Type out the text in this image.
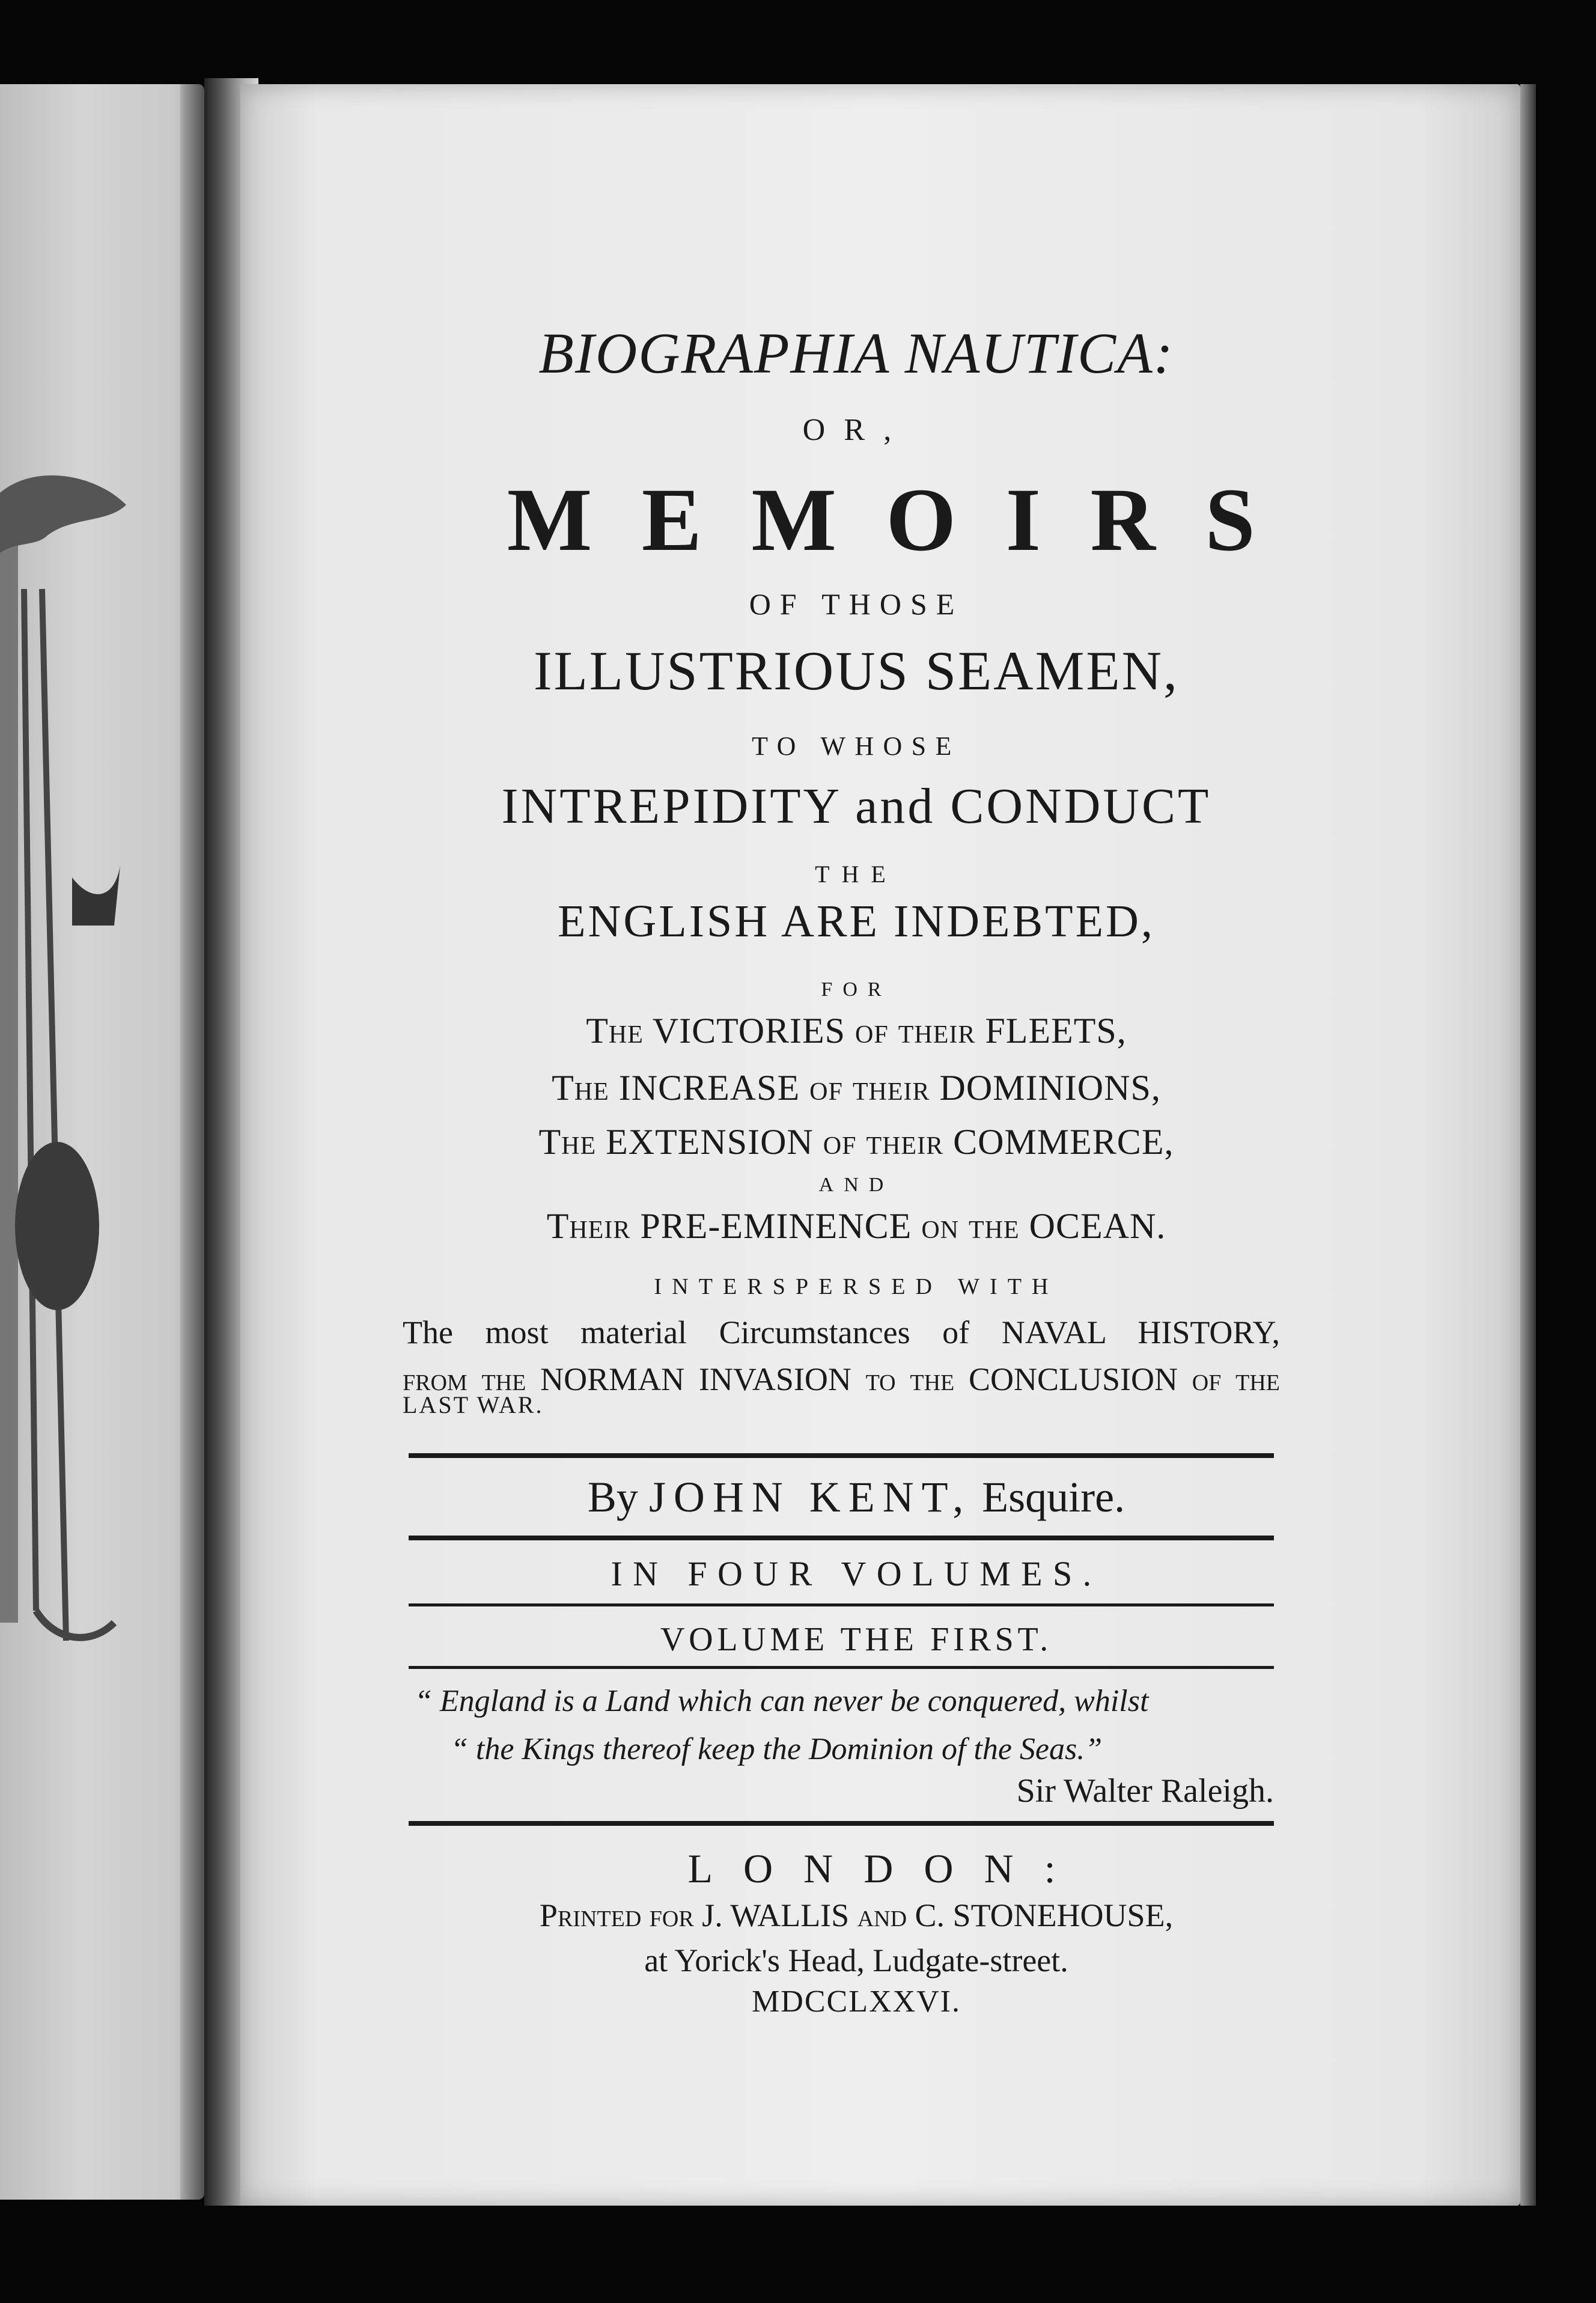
BIOGRAPHIA NAUTICA:
OR,
MEMOIRS
OF THOSE
ILLUSTRIOUS SEAMEN,
TO WHOSE
INTREPIDITY and CONDUCT
THE
ENGLISH ARE INDEBTED,
FOR
The VICTORIES of their FLEETS,
The INCREASE of their DOMINIONS,
The EXTENSION of their COMMERCE,
AND
Their PRE-EMINENCE on the OCEAN.
INTERSPERSED WITH
The most material Circumstances of NAVAL HISTORY,
from the NORMAN INVASION to the CONCLUSION of the
LAST WAR.
By JOHN KENT, Esquire.
IN FOUR VOLUMES.
VOLUME THE FIRST.
“ England is a Land which can never be conquered, whilst
“ the Kings thereof keep the Dominion of the Seas.”
Sir Walter Raleigh.
LONDON:
Printed for J. WALLIS and C. STONEHOUSE,
at Yorick's Head, Ludgate-street.
MDCCLXXVI.
